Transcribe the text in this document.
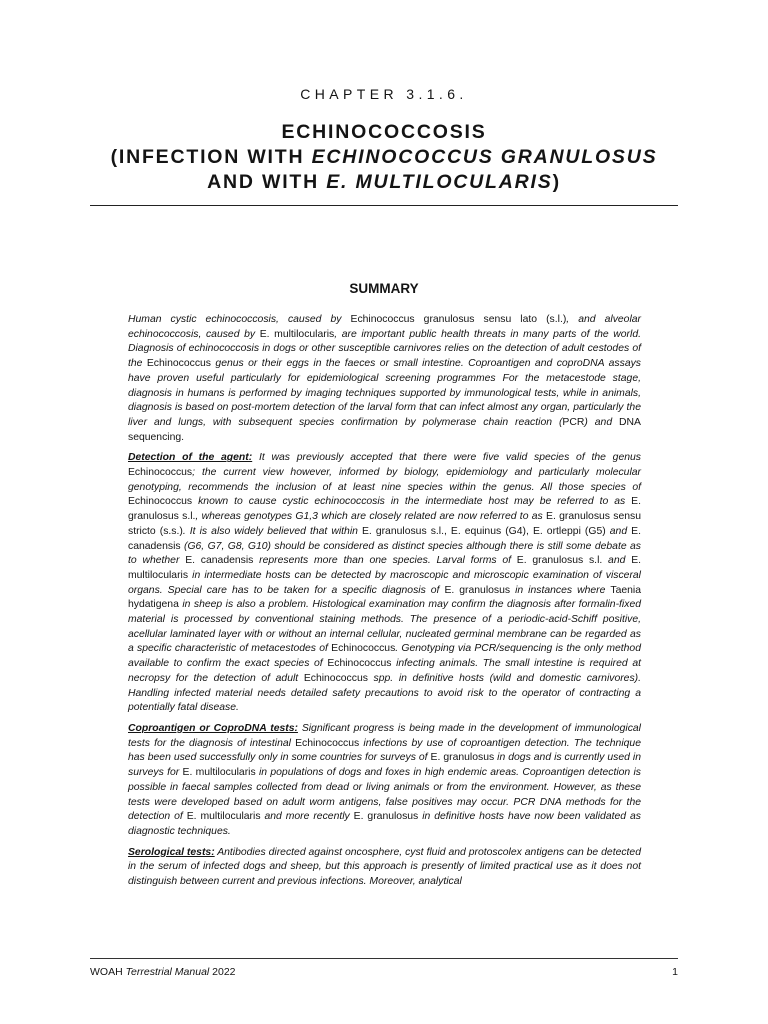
CHAPTER 3.1.6.
ECHINOCOCCOSIS
(INFECTION WITH ECHINOCOCCUS GRANULOSUS
AND WITH E. MULTILOCULARIS)
SUMMARY

Human cystic echinococcosis, caused by Echinococcus granulosus sensu lato (s.l.), and alveolar echinococcosis, caused by E. multilocularis, are important public health threats in many parts of the world. Diagnosis of echinococcosis in dogs or other susceptible carnivores relies on the detection of adult cestodes of the Echinococcus genus or their eggs in the faeces or small intestine. Coproantigen and coproDNA assays have proven useful particularly for epidemiological screening programmes For the metacestode stage, diagnosis in humans is performed by imaging techniques supported by immunological tests, while in animals, diagnosis is based on post-mortem detection of the larval form that can infect almost any organ, particularly the liver and lungs, with subsequent species confirmation by polymerase chain reaction (PCR) and DNA sequencing.

Detection of the agent: It was previously accepted that there were five valid species of the genus Echinococcus; the current view however, informed by biology, epidemiology and particularly molecular genotyping, recommends the inclusion of at least nine species within the genus. All those species of Echinococcus known to cause cystic echinococcosis in the intermediate host may be referred to as E. granulosus s.l., whereas genotypes G1,3 which are closely related are now referred to as E. granulosus sensu stricto (s.s.). It is also widely believed that within E. granulosus s.l., E. equinus (G4), E. ortleppi (G5) and E. canadensis (G6, G7, G8, G10) should be considered as distinct species although there is still some debate as to whether E. canadensis represents more than one species. Larval forms of E. granulosus s.l. and E. multilocularis in intermediate hosts can be detected by macroscopic and microscopic examination of visceral organs. Special care has to be taken for a specific diagnosis of E. granulosus in instances where Taenia hydatigena in sheep is also a problem. Histological examination may confirm the diagnosis after formalin-fixed material is processed by conventional staining methods. The presence of a periodic-acid-Schiff positive, acellular laminated layer with or without an internal cellular, nucleated germinal membrane can be regarded as a specific characteristic of metacestodes of Echinococcus. Genotyping via PCR/sequencing is the only method available to confirm the exact species of Echinococcus infecting animals. The small intestine is required at necropsy for the detection of adult Echinococcus spp. in definitive hosts (wild and domestic carnivores). Handling infected material needs detailed safety precautions to avoid risk to the operator of contracting a potentially fatal disease.

Coproantigen or CoproDNA tests: Significant progress is being made in the development of immunological tests for the diagnosis of intestinal Echinococcus infections by use of coproantigen detection. The technique has been used successfully only in some countries for surveys of E. granulosus in dogs and is currently used in surveys for E. multilocularis in populations of dogs and foxes in high endemic areas. Coproantigen detection is possible in faecal samples collected from dead or living animals or from the environment. However, as these tests were developed based on adult worm antigens, false positives may occur. PCR DNA methods for the detection of E. multilocularis and more recently E. granulosus in definitive hosts have now been validated as diagnostic techniques.

Serological tests: Antibodies directed against oncosphere, cyst fluid and protoscolex antigens can be detected in the serum of infected dogs and sheep, but this approach is presently of limited practical use as it does not distinguish between current and previous infections. Moreover, analytical

WOAH Terrestrial Manual 2022	1
